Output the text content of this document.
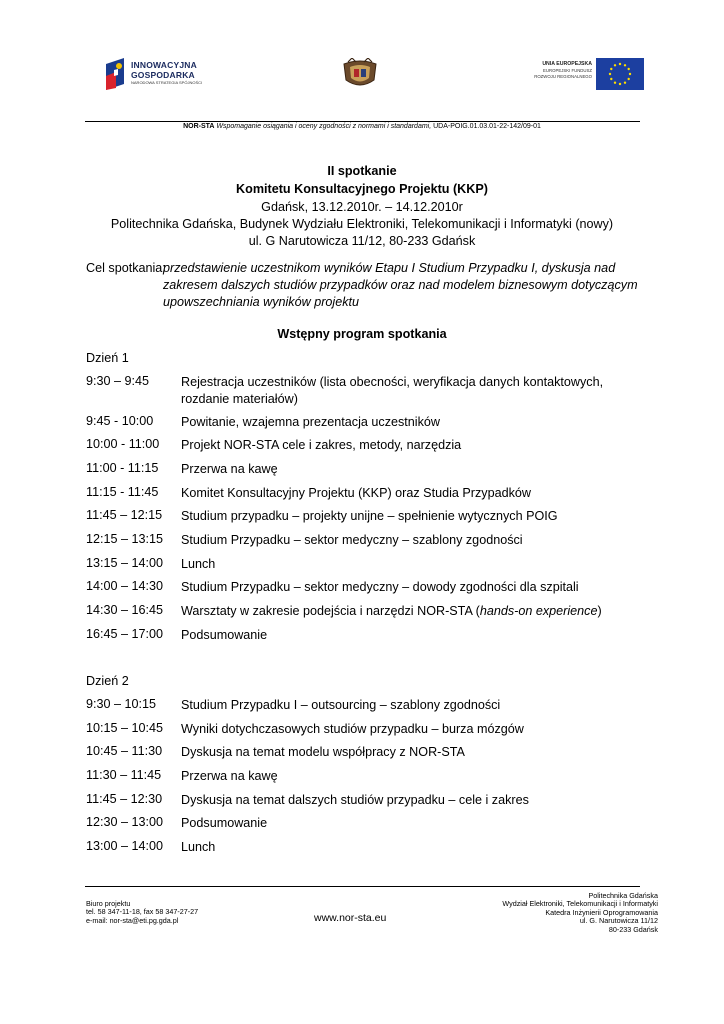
INNOWACYJNA
GOSPODARKA
NARODOWA STRATEGIA SPÓJNOŚCI
UNIA EUROPEJSKA
EUROPEJSKI FUNDUSZ
ROZWOJU REGIONALNEGO
NOR-STA Wspomaganie osiągania i oceny zgodności z normami i standardami, UDA-POIG.01.03.01-22-142/09-01
II spotkanie
Komitetu Konsultacyjnego Projektu (KKP)
Gdańsk, 13.12.2010r. – 14.12.2010r
Politechnika Gdańska, Budynek Wydziału Elektroniki, Telekomunikacji i Informatyki (nowy)
ul. G Narutowicza 11/12, 80-233 Gdańsk
Cel spotkania:
przedstawienie uczestnikom wyników Etapu I Studium Przypadku I, dyskusja nad
zakresem dalszych studiów przypadków oraz nad modelem biznesowym dotyczącym
upowszechniania wyników projektu
Wstępny program spotkania
Dzień 1
9:30 – 9:45	Rejestracja uczestników (lista obecności, weryfikacja danych kontaktowych,
rozdanie materiałów)
9:45 - 10:00 Powitanie, wzajemna prezentacja uczestników
10:00 - 11:00 Projekt NOR-STA cele i zakres, metody, narzędzia
11:00 - 11:15 Przerwa na kawę
11:15 - 11:45 Komitet Konsultacyjny Projektu (KKP) oraz Studia Przypadków
11:45 – 12:15 Studium przypadku – projekty unijne – spełnienie wytycznych POIG
12:15 – 13:15 Studium Przypadku – sektor medyczny – szablony zgodności
13:15 – 14:00 Lunch
14:00 – 14:30 Studium Przypadku – sektor medyczny – dowody zgodności dla szpitali
14:30 – 16:45 Warsztaty w zakresie podejścia i narzędzi NOR-STA (hands-on experience)
16:45 – 17:00 Podsumowanie
Dzień 2
9:30 – 10:15 Studium Przypadku I – outsourcing – szablony zgodności
10:15 – 10:45 Wyniki dotychczasowych studiów przypadku – burza mózgów
10:45 – 11:30 Dyskusja na temat modelu współpracy z NOR-STA
11:30 – 11:45 Przerwa na kawę
11:45 – 12:30 Dyskusja na temat dalszych studiów przypadku – cele i zakres
12:30 – 13:00 Podsumowanie
13:00 – 14:00 Lunch
Biuro projektu
tel. 58 347-11-18, fax 58 347-27-27
e-mail: nor-sta@eti.pg.gda.pl	www.nor-sta.eu
Politechnika Gdańska
Wydział Elektroniki, Telekomunikacji i Informatyki
Katedra Inżynierii Oprogramowania
ul. G. Narutowicza 11/12
80-233 Gdańsk
